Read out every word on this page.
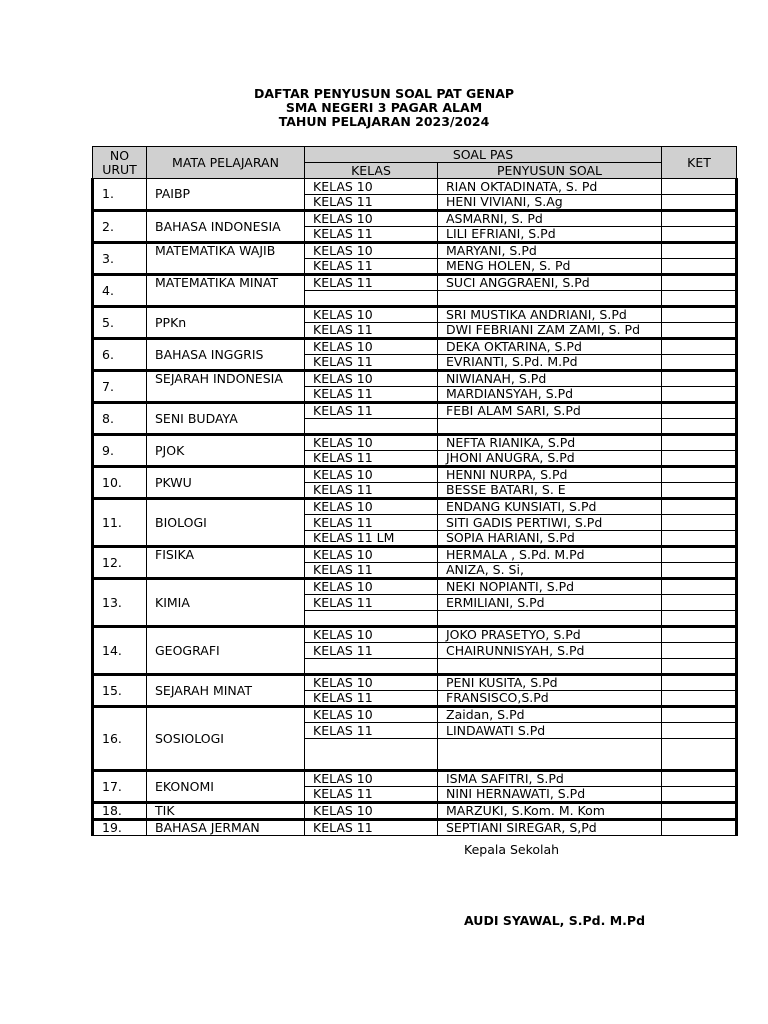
DAFTAR PENYUSUN SOAL PAT GENAP
SMA NEGERI 3 PAGAR ALAM
TAHUN PELAJARAN 2023/2024
NO URUT	MATA PELAJARAN	SOAL PAS		KET
		KELAS	PENYUSUN SOAL	
1.	PAIBP	KELAS 10	RIAN OKTADINATA, S. Pd	
		KELAS 11	HENI VIVIANI, S.Ag	
2.	BAHASA INDONESIA	KELAS 10	ASMARNI, S. Pd	
		KELAS 11	LILI EFRIANI, S.Pd	
3.	MATEMATIKA WAJIB	KELAS 10	MARYANI, S.Pd	
		KELAS 11	MENG HOLEN, S. Pd	
4.	MATEMATIKA MINAT	KELAS 11	SUCI ANGGRAENI, S.Pd	

5.	PPKn	KELAS 10	SRI MUSTIKA ANDRIANI, S.Pd	
		KELAS 11	DWI FEBRIANI ZAM ZAMI, S. Pd	
6.	BAHASA INGGRIS	KELAS 10	DEKA OKTARINA, S.Pd	
		KELAS 11	EVRIANTI, S.Pd. M.Pd	
7.	SEJARAH INDONESIA	KELAS 10	NIWIANAH, S.Pd	
		KELAS 11	MARDIANSYAH, S.Pd	
8.	SENI BUDAYA	KELAS 11	FEBI ALAM SARI, S.Pd	

9.	PJOK	KELAS 10	NEFTA RIANIKA, S.Pd	
		KELAS 11	JHONI ANUGRA, S.Pd	
10.	PKWU	KELAS 10	HENNI NURPA, S.Pd	
		KELAS 11	BESSE BATARI, S. E	
11.	BIOLOGI	KELAS 10	ENDANG KUNSIATI, S.Pd	
		KELAS 11	SITI GADIS PERTIWI, S.Pd	
		KELAS 11 LM	SOPIA HARIANI, S.Pd	
12.	FISIKA	KELAS 10	HERMALA , S.Pd. M.Pd	
		KELAS 11	ANIZA, S. Si,	
13.	KIMIA	KELAS 10	NEKI NOPIANTI, S.Pd	
		KELAS 11	ERMILIANI, S.Pd	

14.	GEOGRAFI	KELAS 10	JOKO PRASETYO, S.Pd	
		KELAS 11	CHAIRUNNISYAH, S.Pd	

15.	SEJARAH MINAT	KELAS 10	PENI KUSITA, S.Pd	
		KELAS 11	FRANSISCO,S.Pd	
16.	SOSIOLOGI	KELAS 10	Zaidan, S.Pd	
		KELAS 11	LINDAWATI S.Pd	

17.	EKONOMI	KELAS 10	ISMA SAFITRI, S.Pd	
		KELAS 11	NINI HERNAWATI, S.Pd	
18.	TIK	KELAS 10	MARZUKI, S.Kom. M. Kom	
19.	BAHASA JERMAN	KELAS 11	SEPTIANI SIREGAR, S,Pd	
Kepala Sekolah
AUDI SYAWAL, S.Pd. M.Pd
